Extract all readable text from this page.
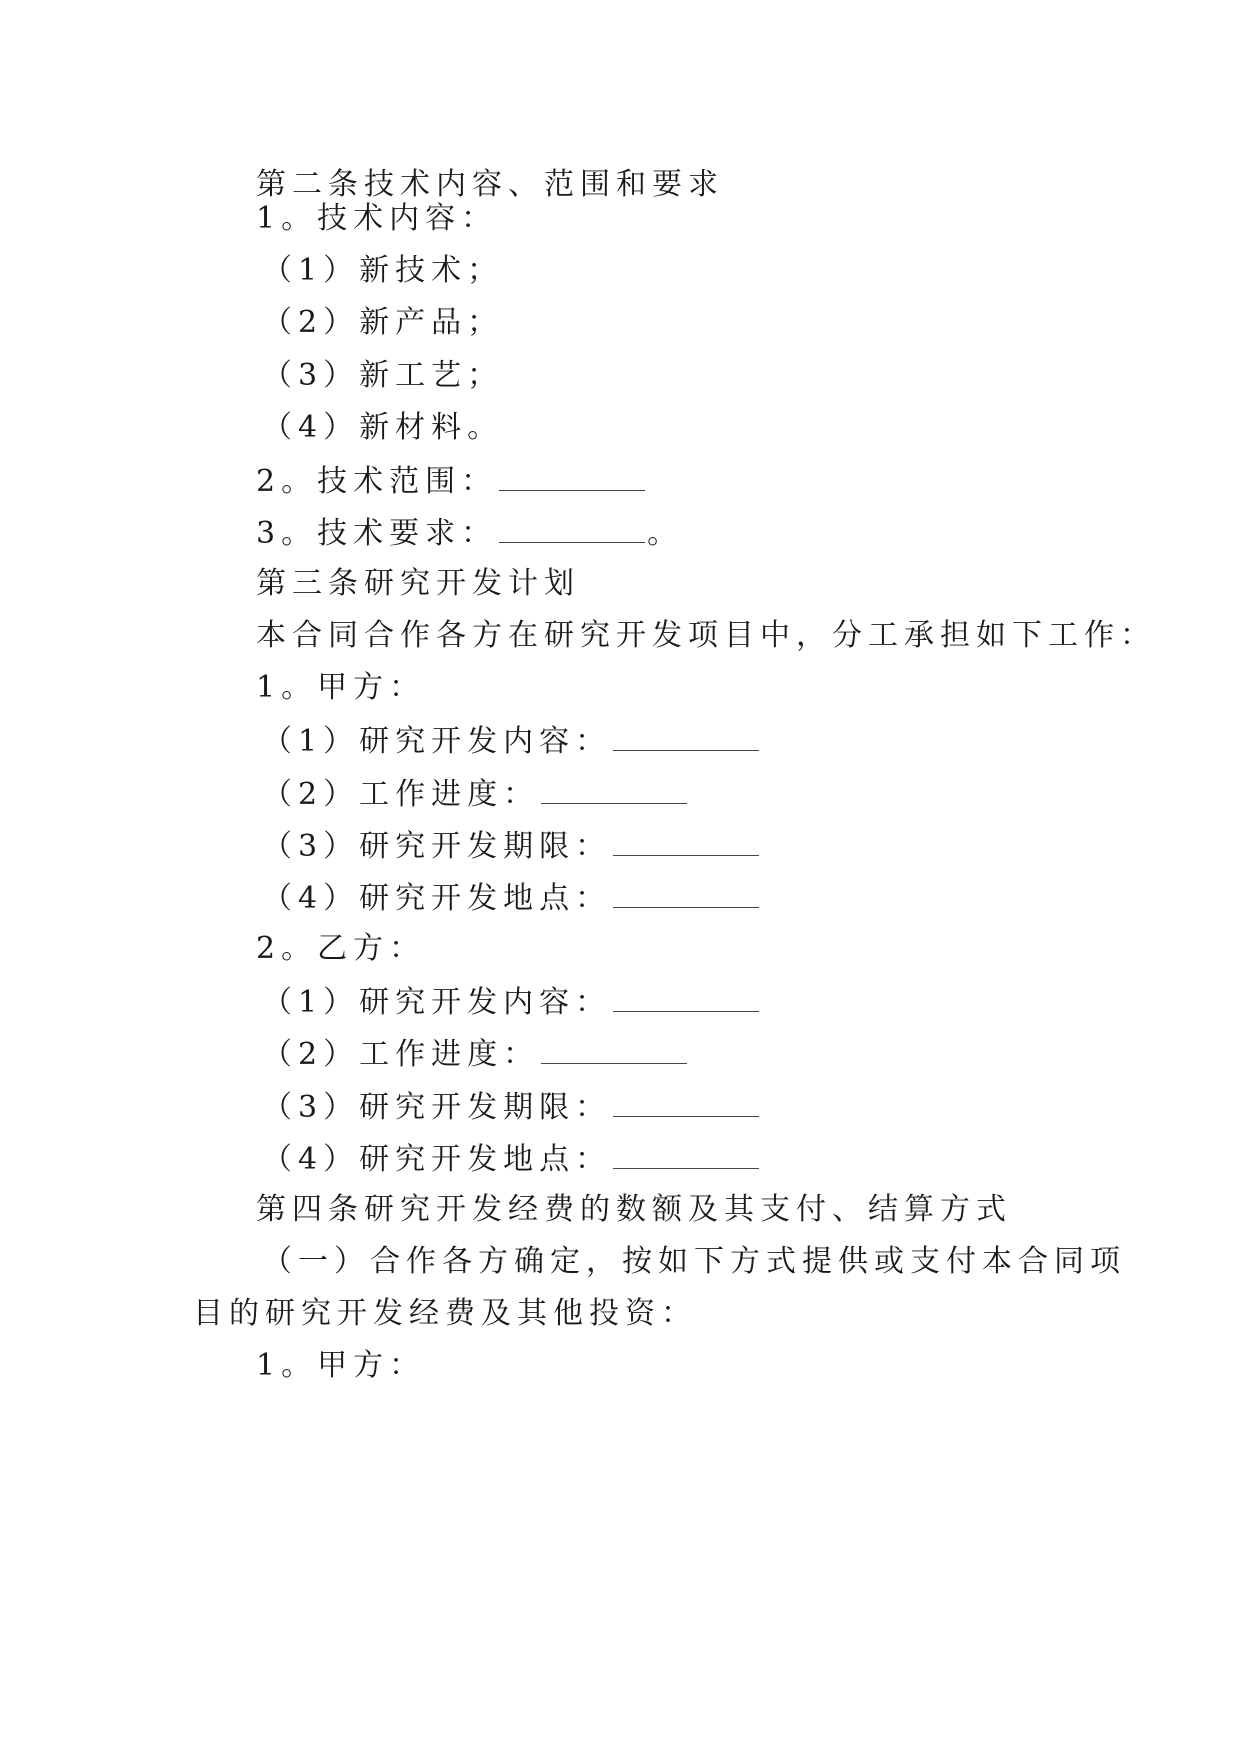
第二条技术内容、范围和要求
1。技术内容：
（1）新技术；
（2）新产品；
（3）新工艺；
（4）新材料。
2。技术范围：
3。技术要求：	。
第三条研究开发计划
本合同合作各方在研究开发项目中，分工承担如下工作：
1。甲方：
（1）研究开发内容：
（2）工作进度：
（3）研究开发期限：
（4）研究开发地点：
2。乙方：
（1）研究开发内容：
（2）工作进度：
（3）研究开发期限：
（4）研究开发地点：
第四条研究开发经费的数额及其支付、结算方式
（一）合作各方确定，按如下方式提供或支付本合同项
目的研究开发经费及其他投资：
1。甲方：
